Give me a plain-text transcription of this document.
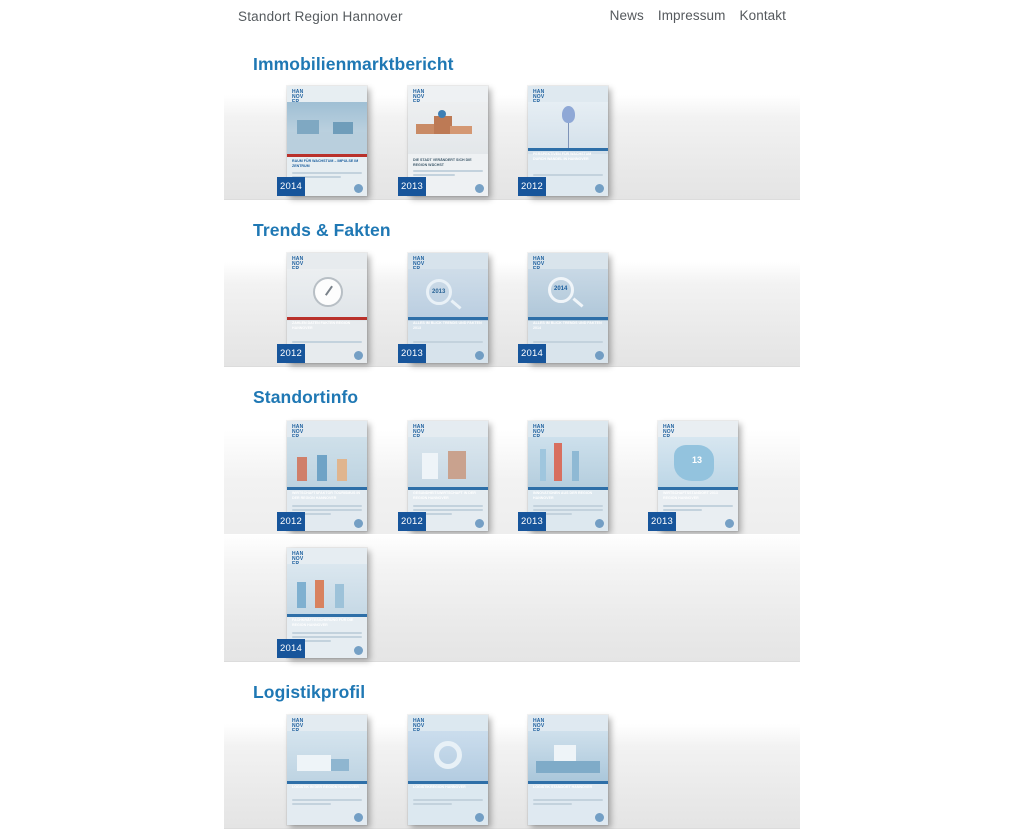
Standort Region Hannover	News Impressum Kontakt
Immobilienmarktbericht
HAN
NOV

RAUM FÜR WACHSTUM – IMPULSE IM ZENTRUM
2014
HAN
NOV

DIE STADT VERÄNDERT SICH DIE REGION WÄCHST
2013
HAN
NOV

PERSPEKTIVEN FÜR WACHSTUM DURCH WANDEL IN HANNOVER
2012
Trends & Fakten
HAN
NOV

ZAHLEN DATEN FAKTEN REGION HANNOVER
2012
HAN
NOV

2013
ALLES IM BLICK TRENDS UND FAKTEN 2013
2013
HAN
NOV

2014
ALLES IM BLICK TRENDS UND FAKTEN 2014
2014
Standortinfo
HAN
NOV

WIRTSCHAFTSFAKTOR TOURISMUS IN DER REGION HANNOVER
2012
HAN
NOV

GESUNDHEITSWIRTSCHAFT IN DER REGION HANNOVER
2012
HAN
NOV

INNOVATIONEN AUS DER REGION HANNOVER
2013
HAN
NOV

13
WIRTSCHAFTSSTANDORT 2013 REGION HANNOVER
2013
HAN
NOV

FACHKRÄFTESICHERUNG FÜR DIE REGION HANNOVER
2014
Logistikprofil
HAN
NOV

LOGISTIK IN DER REGION HANNOVER
HAN
NOV

LOGISTIKREGION HANNOVER
HAN
NOV

LOGISTIK STANDORT HANNOVER
